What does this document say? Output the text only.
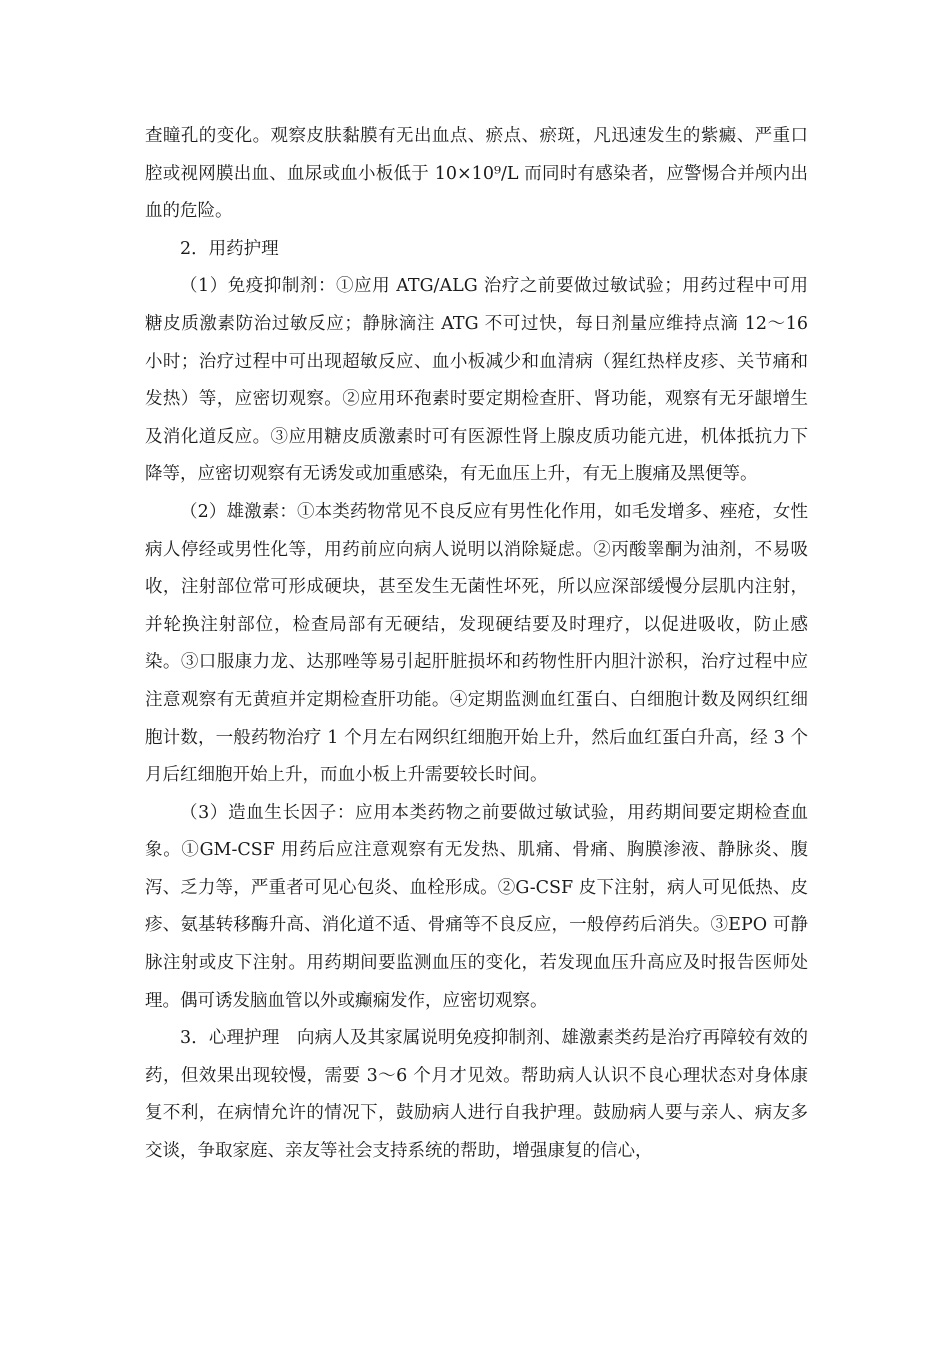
查瞳孔的变化。观察皮肤黏膜有无出血点、瘀点、瘀斑，凡迅速发生的紫癜、严重口腔或视网膜出血、血尿或血小板低于 10×10⁹/L 而同时有感染者，应警惕合并颅内出血的危险。

2．用药护理

（1）免疫抑制剂：①应用 ATG/ALG 治疗之前要做过敏试验；用药过程中可用糖皮质激素防治过敏反应；静脉滴注 ATG 不可过快，每日剂量应维持点滴 12～16 小时；治疗过程中可出现超敏反应、血小板减少和血清病（猩红热样皮疹、关节痛和发热）等，应密切观察。②应用环孢素时要定期检查肝、肾功能，观察有无牙龈增生及消化道反应。③应用糖皮质激素时可有医源性肾上腺皮质功能亢进，机体抵抗力下降等，应密切观察有无诱发或加重感染，有无血压上升，有无上腹痛及黑便等。

（2）雄激素：①本类药物常见不良反应有男性化作用，如毛发增多、痤疮，女性病人停经或男性化等，用药前应向病人说明以消除疑虑。②丙酸睾酮为油剂，不易吸收，注射部位常可形成硬块，甚至发生无菌性坏死，所以应深部缓慢分层肌内注射，并轮换注射部位，检查局部有无硬结，发现硬结要及时理疗，以促进吸收，防止感染。③口服康力龙、达那唑等易引起肝脏损坏和药物性肝内胆汁淤积，治疗过程中应注意观察有无黄疸并定期检查肝功能。④定期监测血红蛋白、白细胞计数及网织红细胞计数，一般药物治疗 1 个月左右网织红细胞开始上升，然后血红蛋白升高，经 3 个月后红细胞开始上升，而血小板上升需要较长时间。

（3）造血生长因子：应用本类药物之前要做过敏试验，用药期间要定期检查血象。①GM-CSF 用药后应注意观察有无发热、肌痛、骨痛、胸膜渗液、静脉炎、腹泻、乏力等，严重者可见心包炎、血栓形成。②G-CSF 皮下注射，病人可见低热、皮疹、氨基转移酶升高、消化道不适、骨痛等不良反应，一般停药后消失。③EPO 可静脉注射或皮下注射。用药期间要监测血压的变化，若发现血压升高应及时报告医师处理。偶可诱发脑血管以外或癫痫发作，应密切观察。

3．心理护理　向病人及其家属说明免疫抑制剂、雄激素类药是治疗再障较有效的药，但效果出现较慢，需要 3～6 个月才见效。帮助病人认识不良心理状态对身体康复不利，在病情允许的情况下，鼓励病人进行自我护理。鼓励病人要与亲人、病友多交谈，争取家庭、亲友等社会支持系统的帮助，增强康复的信心，
